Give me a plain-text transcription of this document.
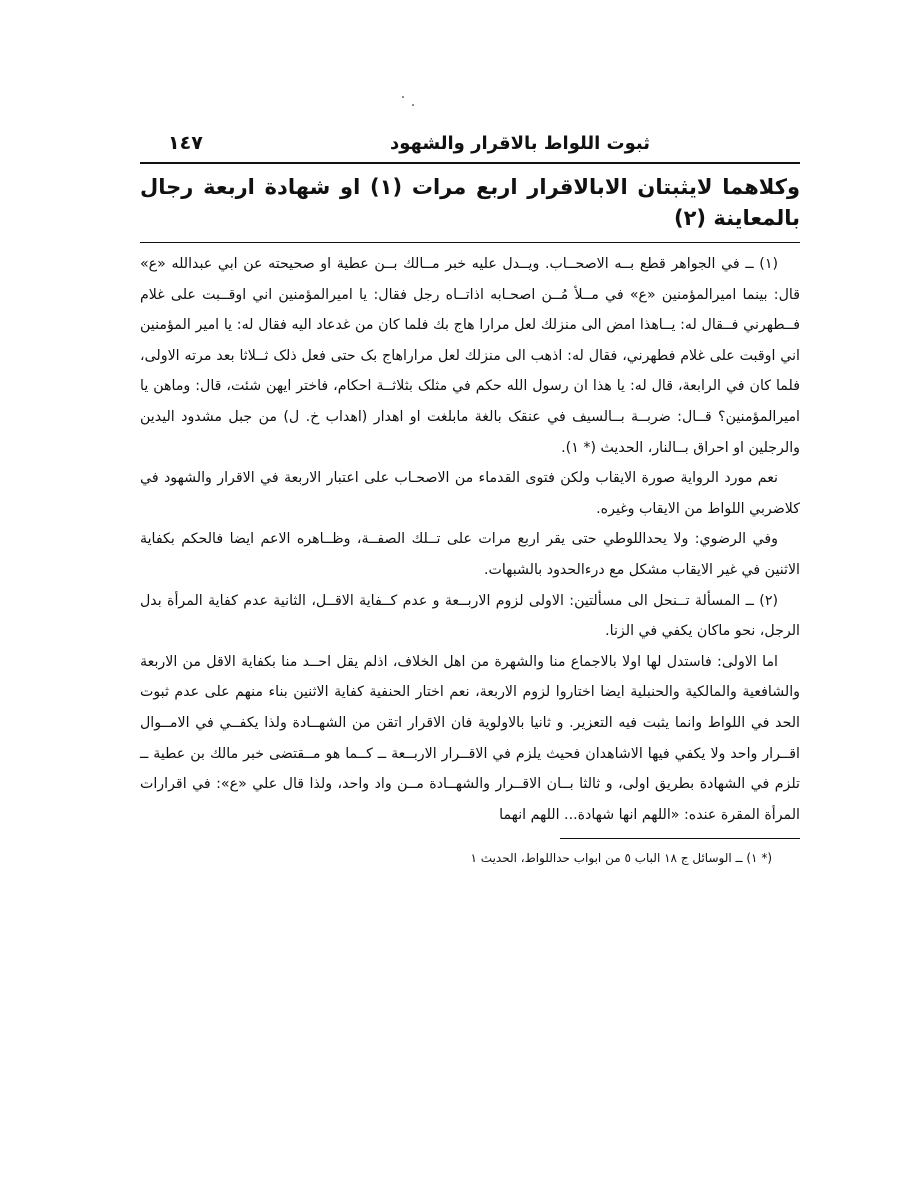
ثبوت اللواط بالاقرار والشهود
١٤٧
وكلاهما لايثبتان الابالاقرار اربع مرات (١) او شهادة اربعة رجال بالمعاينة (٢)

(١) ــ في الجواهر قطع بــه الاصحــاب. ويــدل عليه خبر مــالك بــن عطية او صحيحته عن ابي عبدالله «ع» قال: بينما اميرالمؤمنين «ع» في مــلأ مُــن اصحـابه اذاتــاه رجل فقال: يا اميرالمؤمنين اني اوقــبت على غلام فــطهرني فــقال له: يــاهذا امض الى منزلك لعل مرارا هاج بك فلما كان من غدعاد اليه فقال له: يا امير المؤمنين اني اوقبت على غلام فطهرني، فقال له: اذهب الى منزلك لعل مراراهاج بک حتى فعل ذلک ثــلاثا بعد مرته الاولى، فلما كان في الرابعة، قال له: يا هذا ان رسول الله حكم في مثلک بثلاثــة احكام، فاختر ايهن شئت، قال: وماهن يا اميرالمؤمنين؟ قــال: ضربــة بــالسيف في عنقک بالغة مابلغت او اهدار (اهداب خ. ل) من جبل مشدود اليدين والرجلين او احراق بــالنار، الحديث (* ١).

نعم مورد الرواية صورة الايقاب ولكن فتوى القدماء من الاصحـاب على اعتبار الاربعة في الاقرار والشهود في كلاضربي اللواط من الايقاب وغيره.

وفي الرضوي: ولا يحداللوطي حتى يقر اربع مرات على تــلك الصفــة، وظــاهره الاعم ايضا فالحكم بكفاية الاثنين في غير الايقاب مشكل مع درءالحدود بالشبهات.

(٢) ــ المسألة تــنحل الى مسألتين: الاولى لزوم الاربــعة و عدم كــفاية الاقــل، الثانية عدم كفاية المرأة بدل الرجل، نحو ماكان يكفي في الزنا.

اما الاولى: فاستدل لها اولا بالاجماع منا والشهرة من اهل الخلاف، اذلم يقل احــد منا بكفاية الاقل من الاربعة والشافعية والمالكية والحنبلية ايضا اختاروا لزوم الاربعة، نعم اختار الحنفية كفاية الاثنين بناء منهم على عدم ثبوت الحد في اللواط وانما يثبت فيه التعزير. و ثانيا بالاولوية فان الاقرار اتقن من الشهــادة ولذا يكفــي في الامــوال اقــرار واحد ولا يكفي فيها الاشاهدان فحيث يلزم في الاقــرار الاربــعة ــ كــما هو مــقتضى خبر مالك بن عطية ــ تلزم في الشهادة بطريق اولى، و ثالثا بــان الاقــرار والشهــادة مــن واد واحد، ولذا قال علي «ع»: في اقرارات المرأة المقرة عنده: «اللهم انها شهادة... اللهم انهما

(* ١) ــ الوسائل ج ١٨ الباب ٥ من ابواب حداللواط، الحديث ١
